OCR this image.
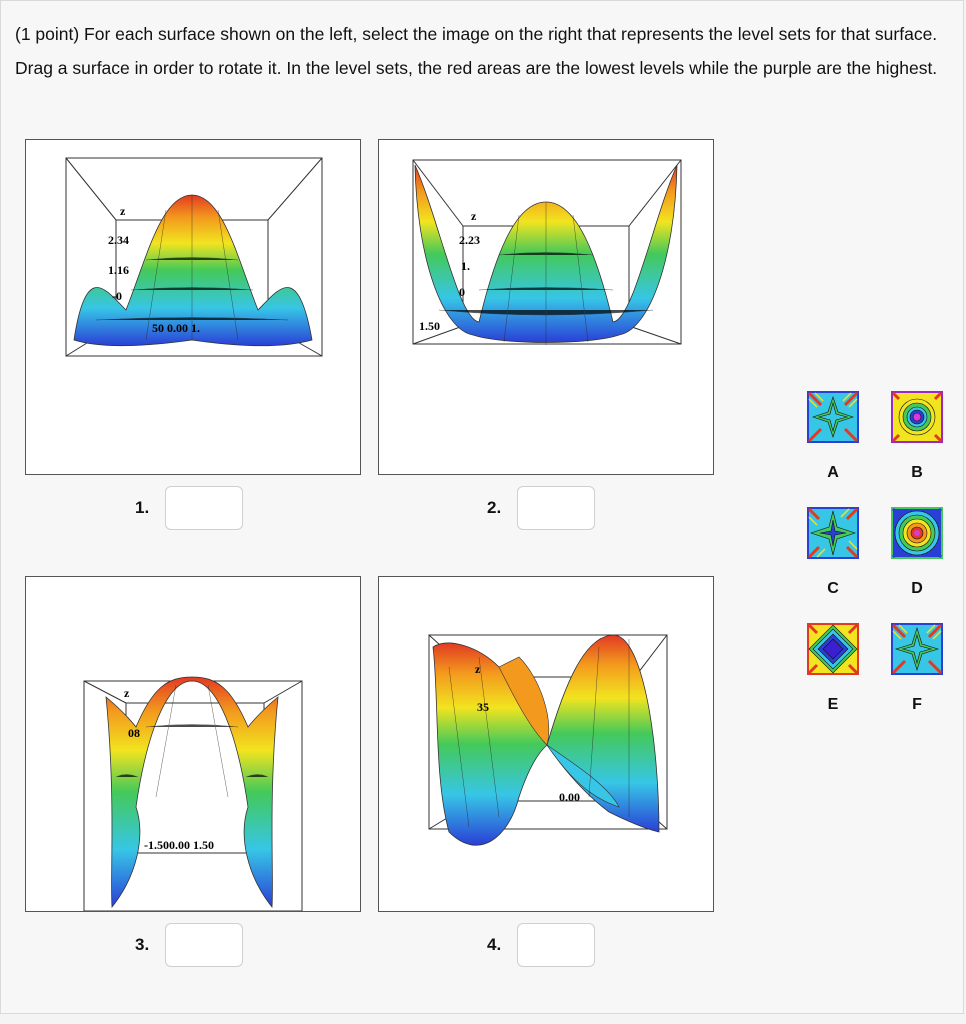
(1 point) For each surface shown on the left, select the image on the right that represents the level sets for that surface. Drag a surface in order to rotate it. In the level sets, the red areas are the lowest levels while the purple are the highest.
z
2.34
1.16
-0
50 0.00 1.
1.
z
2.23
1.
0
1.50
2.
z
08
-1.500.00 1.50
3.
z
35
0.00
4.
A	B
C	D
E	F
